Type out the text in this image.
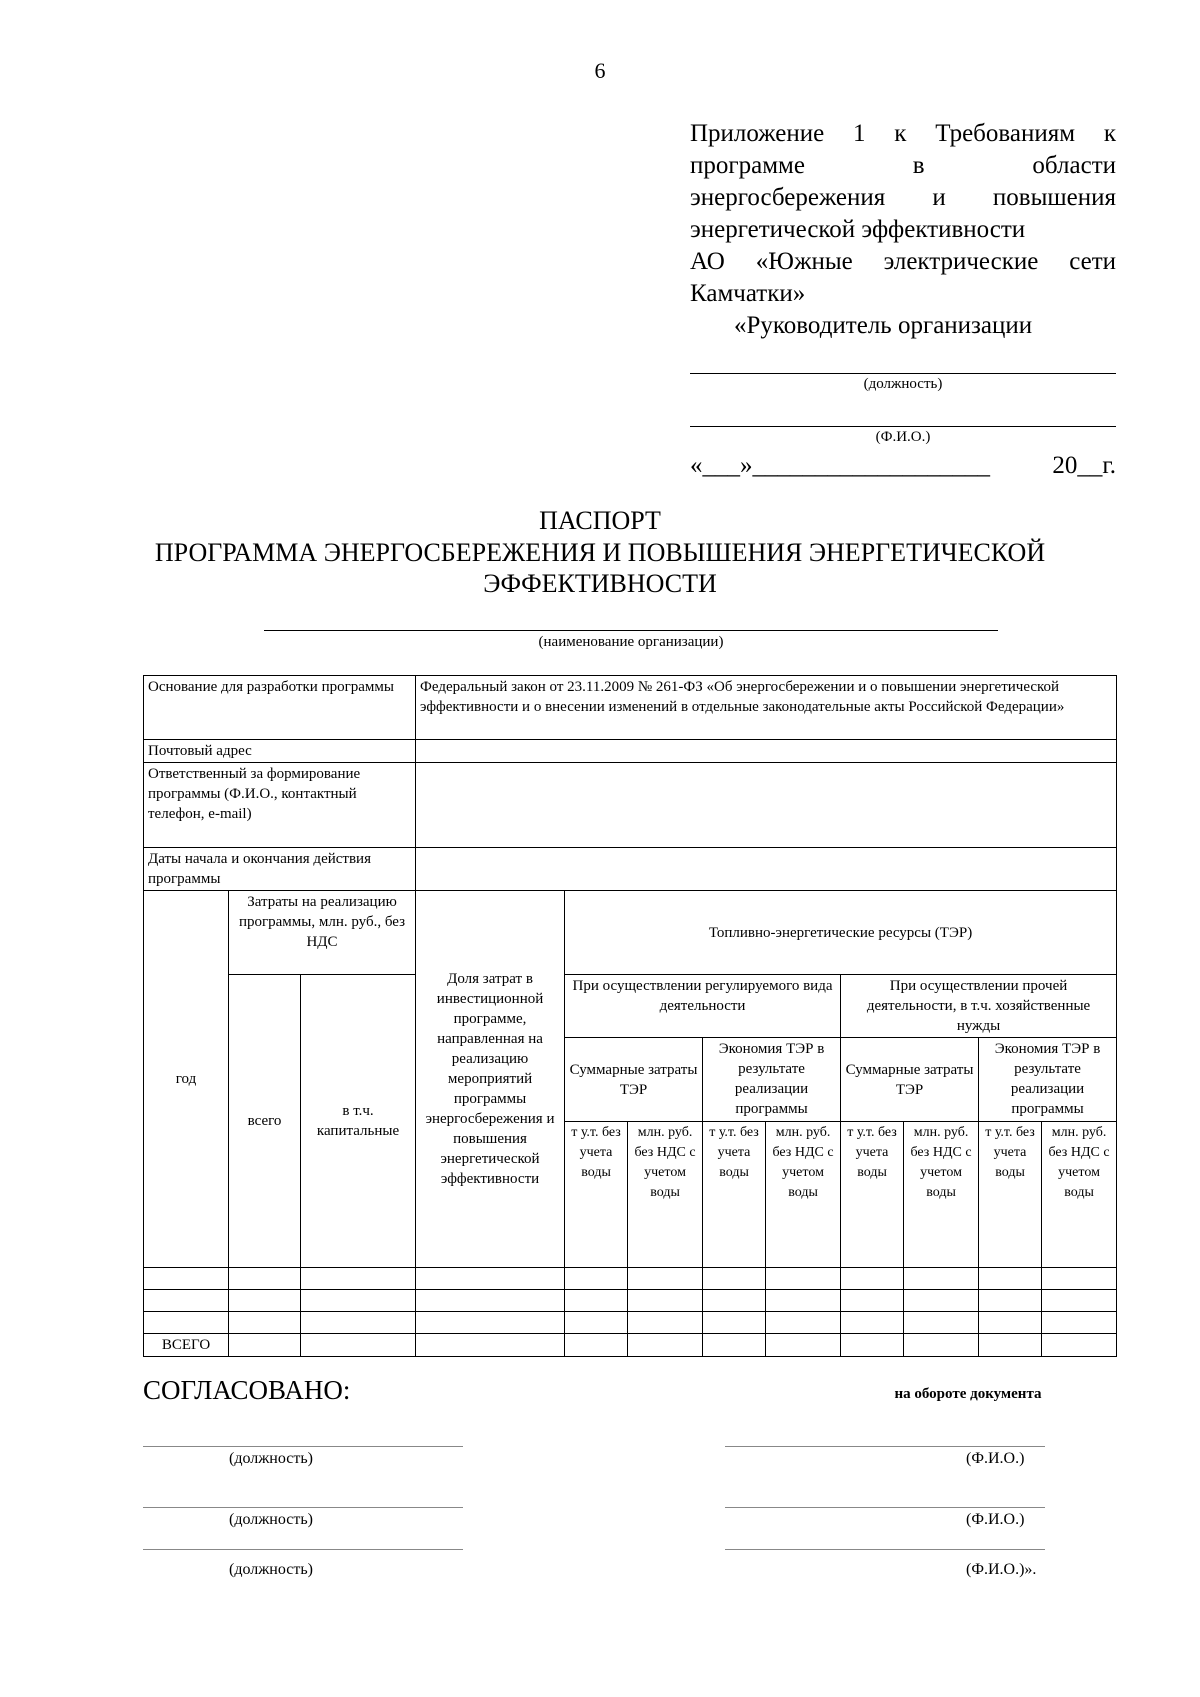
6
Приложение 1 к Требованиям к
программе в области
энергосбережения и повышения
энергетической эффективности
АО «Южные электрические сети
Камчатки»
«Руководитель организации
(должность)
(Ф.И.О.)
«___»___________________ 20__г.
ПАСПОРТ
ПРОГРАММА ЭНЕРГОСБЕРЕЖЕНИЯ И ПОВЫШЕНИЯ ЭНЕРГЕТИЧЕСКОЙ
ЭФФЕКТИВНОСТИ
(наименование организации)
Основание для разработки программы			Федеральный закон от 23.11.2009 № 261-ФЗ «Об энергосбережении и о повышении энергетической эффективности и о внесении изменений в отдельные законодательные акты Российской Федерации»								
Почтовый адрес											
Ответственный за формирование программы (Ф.И.О., контактный телефон, e-mail)											
Даты начала и окончания действия программы											
год	Затраты на реализацию программы, млн. руб., без НДС		Доля затрат в инвестиционной программе, направленная на реализацию мероприятий программы энергосбережения и повышения энергетической эффективности	Топливно-энергетические ресурсы (ТЭР)							
	всего	в т.ч. капитальные		При осуществлении регулируемого вида деятельности				При осуществлении прочей деятельности, в т.ч. хозяйственные нужды			
				Суммарные затраты ТЭР		Экономия ТЭР в результате реализации программы		Суммарные затраты ТЭР		Экономия ТЭР в результате реализации программы	
				т у.т. без учета воды	млн. руб. без НДС с учетом воды	т у.т. без учета воды	млн. руб. без НДС с учетом воды	т у.т. без учета воды	млн. руб. без НДС с учетом воды	т у.т. без учета воды	млн. руб. без НДС с учетом воды

ВСЕГО											
СОГЛАСОВАНО:	на обороте документа
(должность)	(Ф.И.О.)
(должность)	(Ф.И.О.)
(должность)	(Ф.И.О.)».
